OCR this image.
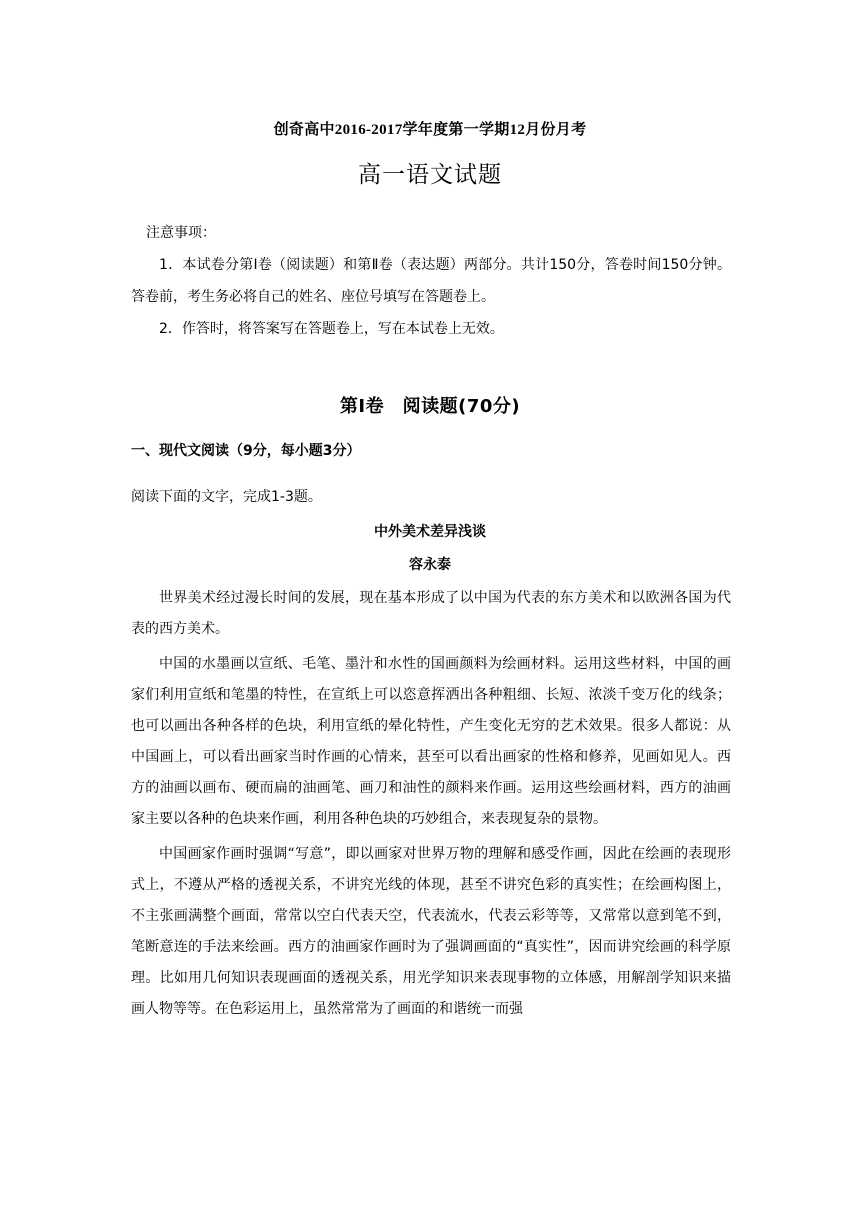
创奇高中2016-2017学年度第一学期12月份月考
高一语文试题
注意事项：
1．本试卷分第Ⅰ卷（阅读题）和第Ⅱ卷（表达题）两部分。共计150分，答卷时间150分钟。答卷前，考生务必将自己的姓名、座位号填写在答题卷上。
2．作答时，将答案写在答题卷上，写在本试卷上无效。
第Ⅰ卷　阅读题(70分)
一、现代文阅读（9分，每小题3分）
阅读下面的文字，完成1-3题。
中外美术差异浅谈
容永泰

世界美术经过漫长时间的发展，现在基本形成了以中国为代表的东方美术和以欧洲各国为代表的西方美术。

中国的水墨画以宣纸、毛笔、墨汁和水性的国画颜料为绘画材料。运用这些材料，中国的画家们利用宣纸和笔墨的特性，在宣纸上可以恣意挥洒出各种粗细、长短、浓淡千变万化的线条；也可以画出各种各样的色块，利用宣纸的晕化特性，产生变化无穷的艺术效果。很多人都说：从中国画上，可以看出画家当时作画的心情来，甚至可以看出画家的性格和修养，见画如见人。西方的油画以画布、硬而扁的油画笔、画刀和油性的颜料来作画。运用这些绘画材料，西方的油画家主要以各种的色块来作画，利用各种色块的巧妙组合，来表现复杂的景物。

中国画家作画时强调“写意”，即以画家对世界万物的理解和感受作画，因此在绘画的表现形式上，不遵从严格的透视关系，不讲究光线的体现，甚至不讲究色彩的真实性；在绘画构图上，不主张画满整个画面，常常以空白代表天空，代表流水，代表云彩等等，又常常以意到笔不到，笔断意连的手法来绘画。西方的油画家作画时为了强调画面的“真实性”，因而讲究绘画的科学原理。比如用几何知识表现画面的透视关系，用光学知识来表现事物的立体感，用解剖学知识来描画人物等等。在色彩运用上，虽然常常为了画面的和谐统一而强
